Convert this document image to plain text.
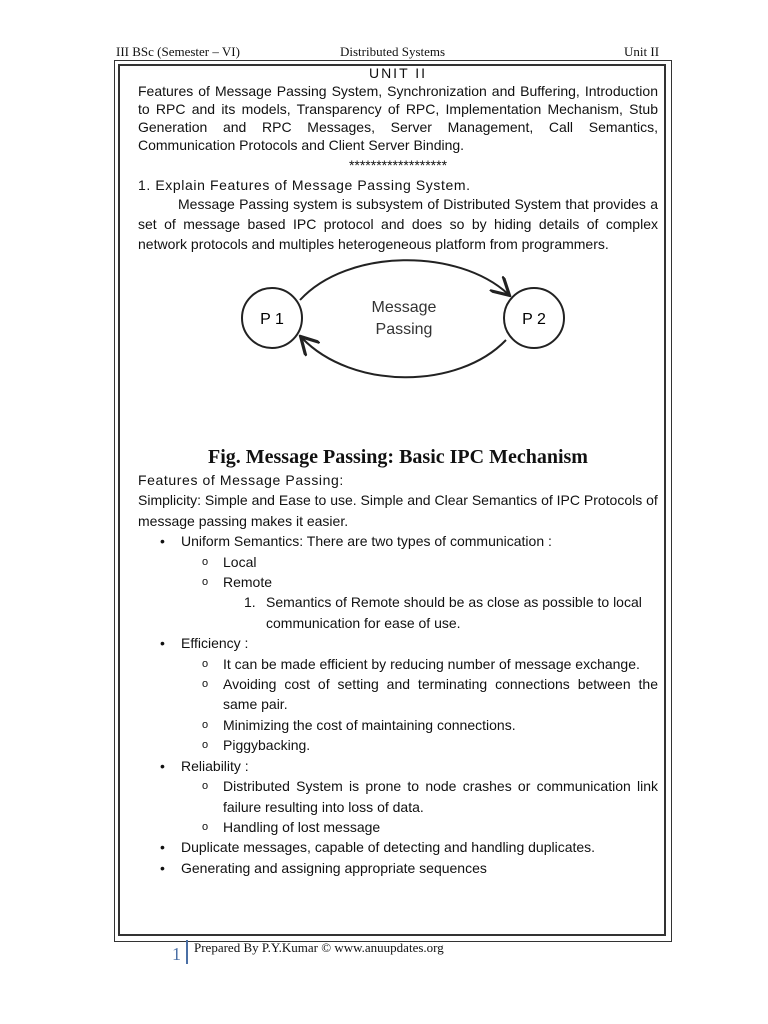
III BSc (Semester – VI)	Distributed Systems	Unit II

UNIT II

Features of Message Passing System, Synchronization and Buffering, Introduction to RPC and its models, Transparency of RPC, Implementation Mechanism, Stub Generation and RPC Messages, Server Management, Call Semantics, Communication Protocols and Client Server Binding.

******************

1. Explain Features of Message Passing System.

Message Passing system is subsystem of Distributed System that provides a set of message based IPC protocol and does so by hiding details of complex network protocols and multiples heterogeneous platform from programmers.

P 1	P 2
Message
Passing

Fig. Message Passing: Basic IPC Mechanism

Features of Message Passing:

Simplicity: Simple and Ease to use. Simple and Clear Semantics of IPC Protocols of message passing makes it easier.

• Uniform Semantics: There are two types of communication :

o Local

o Remote

1. Semantics of Remote should be as close as possible to local communication for ease of use.

• Efficiency :

o It can be made efficient by reducing number of message exchange.

o Avoiding cost of setting and terminating connections between the same pair.

o Minimizing the cost of maintaining connections.

o Piggybacking.

• Reliability :

o Distributed System is prone to node crashes or communication link failure resulting into loss of data.

o Handling of lost message

• Duplicate messages, capable of detecting and handling duplicates.

• Generating and assigning appropriate sequences

1 Prepared By P.Y.Kumar © www.anuupdates.org
